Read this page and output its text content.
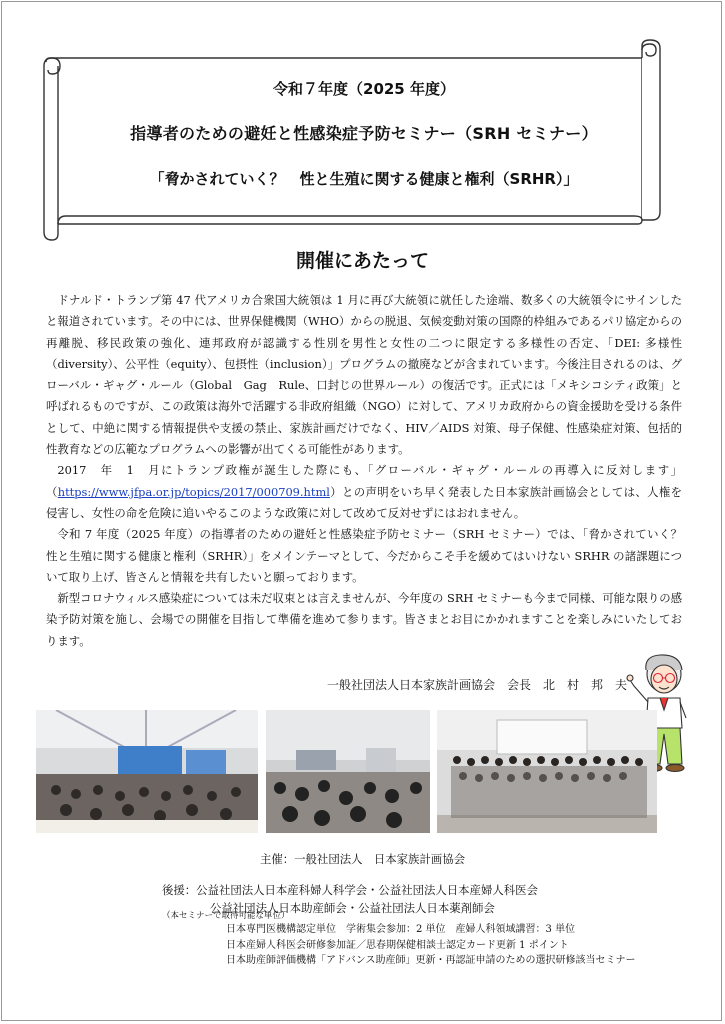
令和７年度（2025 年度）
指導者のための避妊と性感染症予防セミナー（SRH セミナー）
「脅かされていく？　性と生殖に関する健康と権利（SRHR）」
開催にあたって

ドナルド・トランプ第 47 代アメリカ合衆国大統領は 1 月に再び大統領に就任した途端、数多くの大統領令にサインしたと報道されています。その中には、世界保健機関（WHO）からの脱退、気候変動対策の国際的枠組みであるパリ協定からの再離脱、移民政策の強化、連邦政府が認識する性別を男性と女性の二つに限定する多様性の否定、「DEI: 多様性（diversity）、公平性（equity）、包摂性（inclusion）」プログラムの撤廃などが含まれています。今後注目されるのは、グローバル・ギャグ・ルール（Global　Gag　Rule、口封じの世界ルール）の復活です。正式には「メキシコシティ政策」と呼ばれるものですが、この政策は海外で活躍する非政府組織（NGO）に対して、アメリカ政府からの資金援助を受ける条件として、中絶に関する情報提供や支援の禁止、家族計画だけでなく、HIV／AIDS 対策、母子保健、性感染症対策、包括的性教育などの広範なプログラムへの影響が出てくる可能性があります。

2017　年　1　月にトランプ政権が誕生した際にも、「グローバル・ギャグ・ルールの再導入に反対します」（https://www.jfpa.or.jp/topics/2017/000709.html）との声明をいち早く発表した日本家族計画協会としては、人権を侵害し、女性の命を危険に追いやるこのような政策に対して改めて反対せずにはおれません。

令和 7 年度（2025 年度）の指導者のための避妊と性感染症予防セミナー（SRH セミナー）では、「脅かされていく？　性と生殖に関する健康と権利（SRHR）」をメインテーマとして、今だからこそ手を緩めてはいけない SRHR の諸課題について取り上げ、皆さんと情報を共有したいと願っております。

新型コロナウィルス感染症については未だ収束とは言えませんが、今年度の SRH セミナーも今まで同様、可能な限りの感染予防対策を施し、会場での開催を目指して準備を進めて参ります。皆さまとお目にかかれますことを楽しみにいたしております。

一般社団法人日本家族計画協会　会長　北　村　邦　夫
主催：一般社団法人　日本家族計画協会
後援：公益社団法人日本産科婦人科学会・公益社団法人日本産婦人科医会
公益社団法人日本助産師会・公益社団法人日本薬剤師会
（本セミナーで取得可能な単位）
日本専門医機構認定単位　学術集会参加：2 単位　産婦人科領域講習：3 単位
日本産婦人科医会研修参加証／思春期保健相談士認定カード更新 1 ポイント
日本助産師評価機構「アドバンス助産師」更新・再認証申請のための選択研修該当セミナー
